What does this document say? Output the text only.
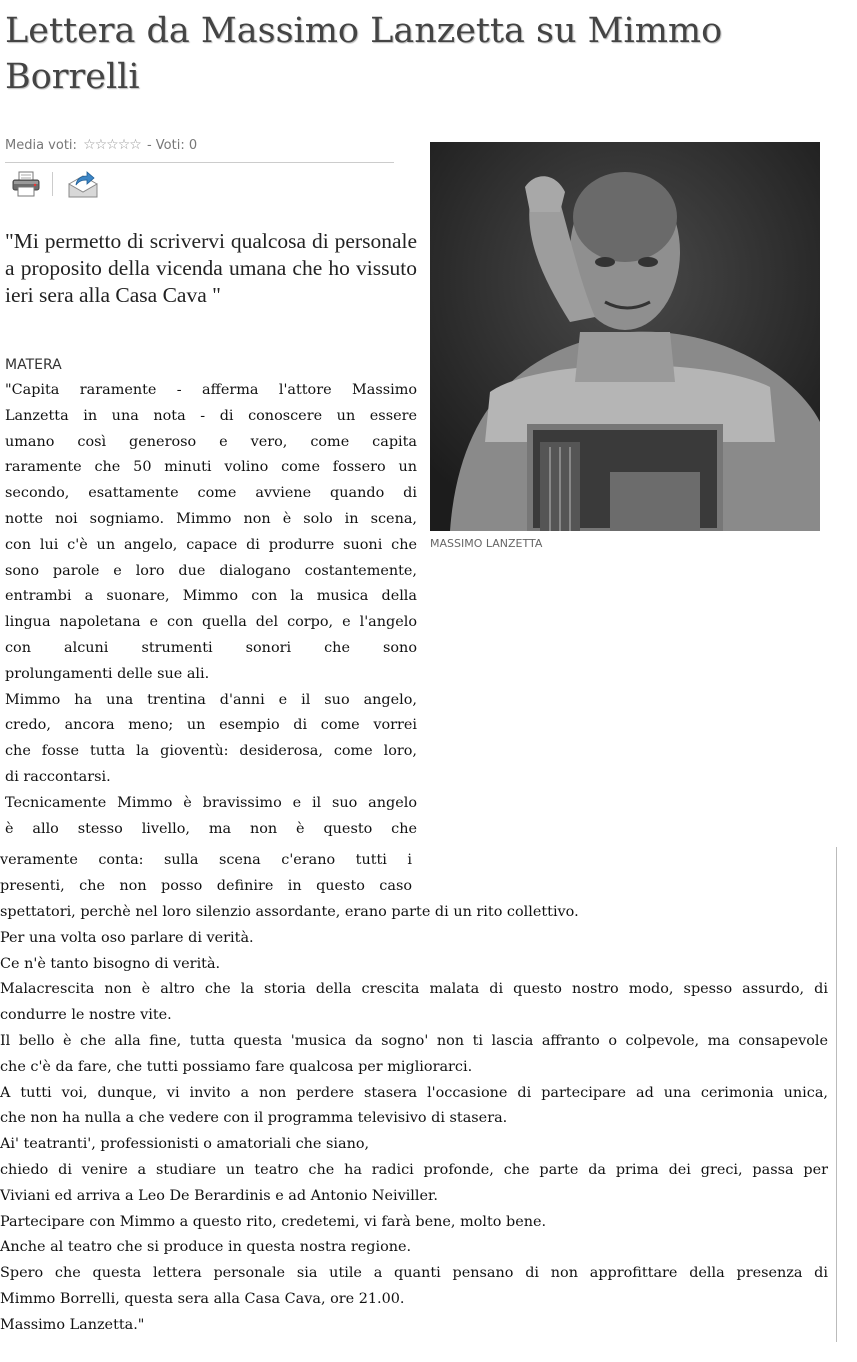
Lettera da Massimo Lanzetta su Mimmo Borrelli
Media voti: ☆☆☆☆☆ - Voti: 0
MASSIMO LANZETTA

"Mi permetto di scrivervi qualcosa di personale a proposito della vicenda umana che ho vissuto ieri sera alla Casa Cava "

MATERA

"Capita raramente - afferma l'attore Massimo

Lanzetta in una nota - di conoscere un essere

umano così generoso e vero, come capita

raramente che 50 minuti volino come fossero un

secondo, esattamente come avviene quando di

notte noi sogniamo. Mimmo non è solo in scena,

con lui c'è un angelo, capace di produrre suoni che

sono parole e loro due dialogano costantemente,

entrambi a suonare, Mimmo con la musica della

lingua napoletana e con quella del corpo, e l'angelo

con alcuni strumenti sonori che sono

prolungamenti delle sue ali.

Mimmo ha una trentina d'anni e il suo angelo,

credo, ancora meno; un esempio di come vorrei

che fosse tutta la gioventù: desiderosa, come loro,

di raccontarsi.

Tecnicamente Mimmo è bravissimo e il suo angelo

è allo stesso livello, ma non è questo che

veramente conta: sulla scena c'erano tutti i

presenti, che non posso definire in questo caso

spettatori, perchè nel loro silenzio assordante, erano parte di un rito collettivo.

Per una volta oso parlare di verità.

Ce n'è tanto bisogno di verità.

Malacrescita non è altro che la storia della crescita malata di questo nostro modo, spesso assurdo, di

condurre le nostre vite.

Il bello è che alla fine, tutta questa 'musica da sogno' non ti lascia affranto o colpevole, ma consapevole

che c'è da fare, che tutti possiamo fare qualcosa per migliorarci.

A tutti voi, dunque, vi invito a non perdere stasera l'occasione di partecipare ad una cerimonia unica,

che non ha nulla a che vedere con il programma televisivo di stasera.

Ai' teatranti', professionisti o amatoriali che siano,

chiedo di venire a studiare un teatro che ha radici profonde, che parte da prima dei greci, passa per

Viviani ed arriva a Leo De Berardinis e ad Antonio Neiviller.

Partecipare con Mimmo a questo rito, credetemi, vi farà bene, molto bene.

Anche al teatro che si produce in questa nostra regione.

Spero che questa lettera personale sia utile a quanti pensano di non approfittare della presenza di

Mimmo Borrelli, questa sera alla Casa Cava, ore 21.00.

Massimo Lanzetta."
